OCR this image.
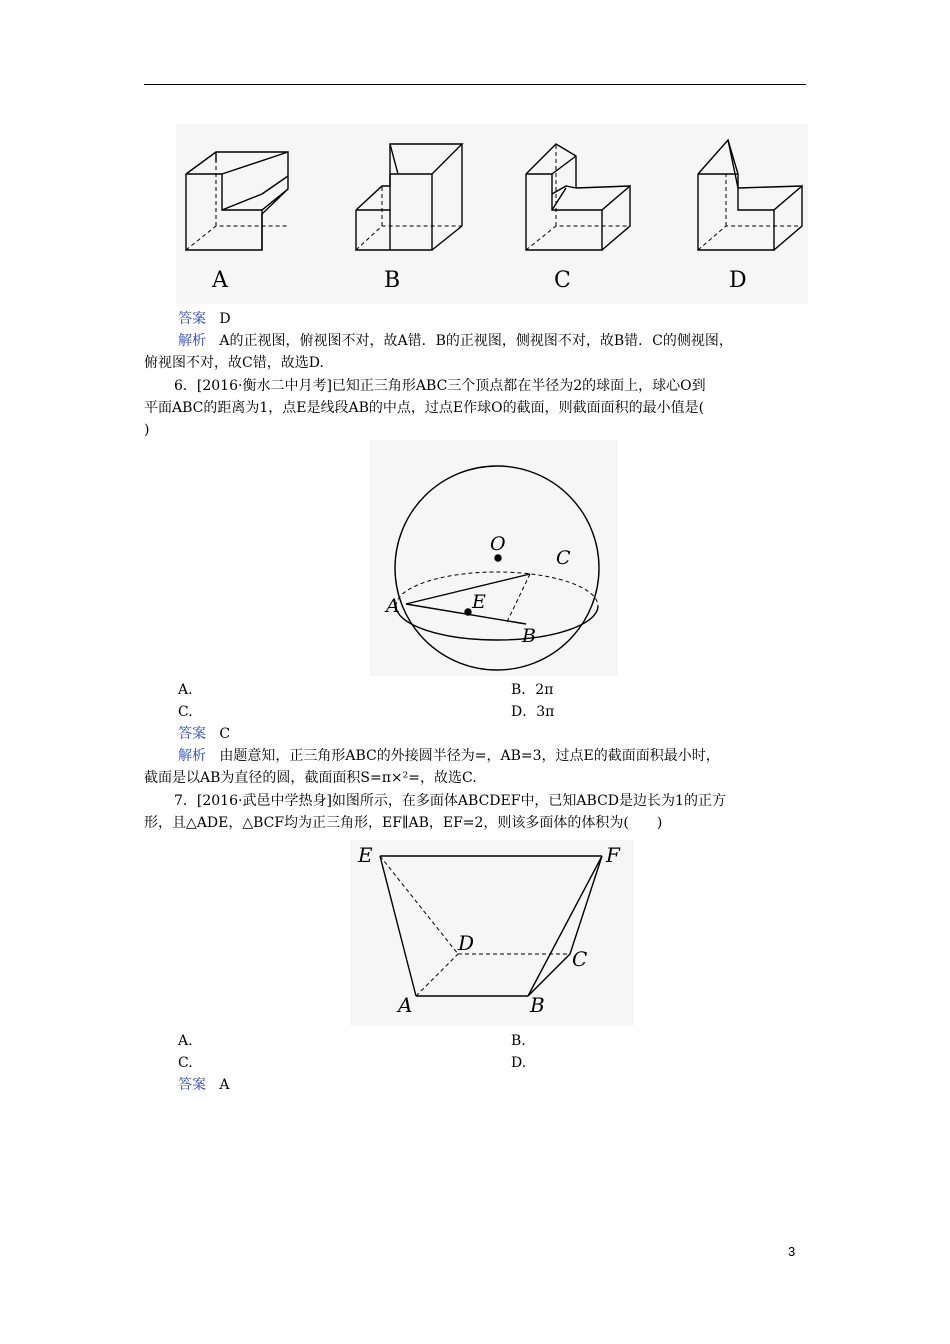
A	B	C	D
答案 D
解析 A的正视图，俯视图不对，故A错．B的正视图，侧视图不对，故B错．C的侧视图，
俯视图不对，故C错，故选D.
6．[2016·衡水二中月考]已知正三角形ABC三个顶点都在半径为2的球面上，球心O到
平面ABC的距离为1，点E是线段AB的中点，过点E作球O的截面，则截面面积的最小值是(
)
O
C
A	E
B
A.	B．2π
C.	D．3π
答案 C
解析 由题意知，正三角形ABC的外接圆半径为=，AB=3，过点E的截面面积最小时，
截面是以AB为直径的圆，截面面积S=π×²=，故选C.
7．[2016·武邑中学热身]如图所示，在多面体ABCDEF中，已知ABCD是边长为1的正方
形，且△ADE，△BCF均为正三角形，EF∥AB，EF=2，则该多面体的体积为(　　)
E	F
D
C
A	B
A.	B.
C.	D.
答案 A
3
